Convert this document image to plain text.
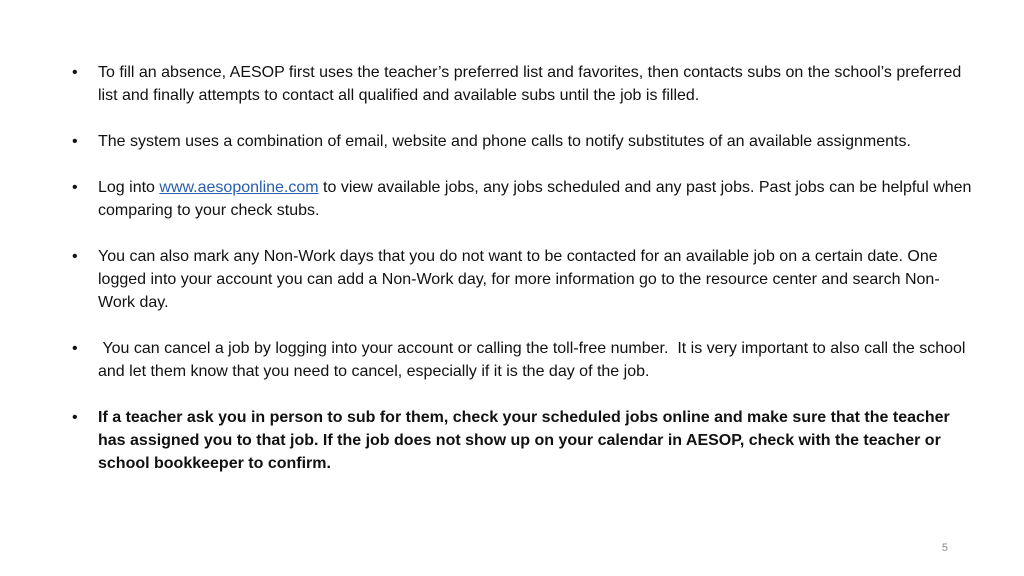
• To fill an absence, AESOP first uses the teacher’s preferred list and favorites, then contacts subs on the school’s preferred list and finally attempts to contact all qualified and available subs until the job is filled.
• The system uses a combination of email, website and phone calls to notify substitutes of an available assignments.
• Log into www.aesoponline.com to view available jobs, any jobs scheduled and any past jobs. Past jobs can be helpful when comparing to your check stubs.
• You can also mark any Non-Work days that you do not want to be contacted for an available job on a certain date. One logged into your account you can add a Non-Work day, for more information go to the resource center and search Non-Work day.
• You can cancel a job by logging into your account or calling the toll-free number.  It is very important to also call the school and let them know that you need to cancel, especially if it is the day of the job.
• If a teacher ask you in person to sub for them, check your scheduled jobs online and make sure that the teacher has assigned you to that job. If the job does not show up on your calendar in AESOP, check with the teacher or school bookkeeper to confirm.
5
